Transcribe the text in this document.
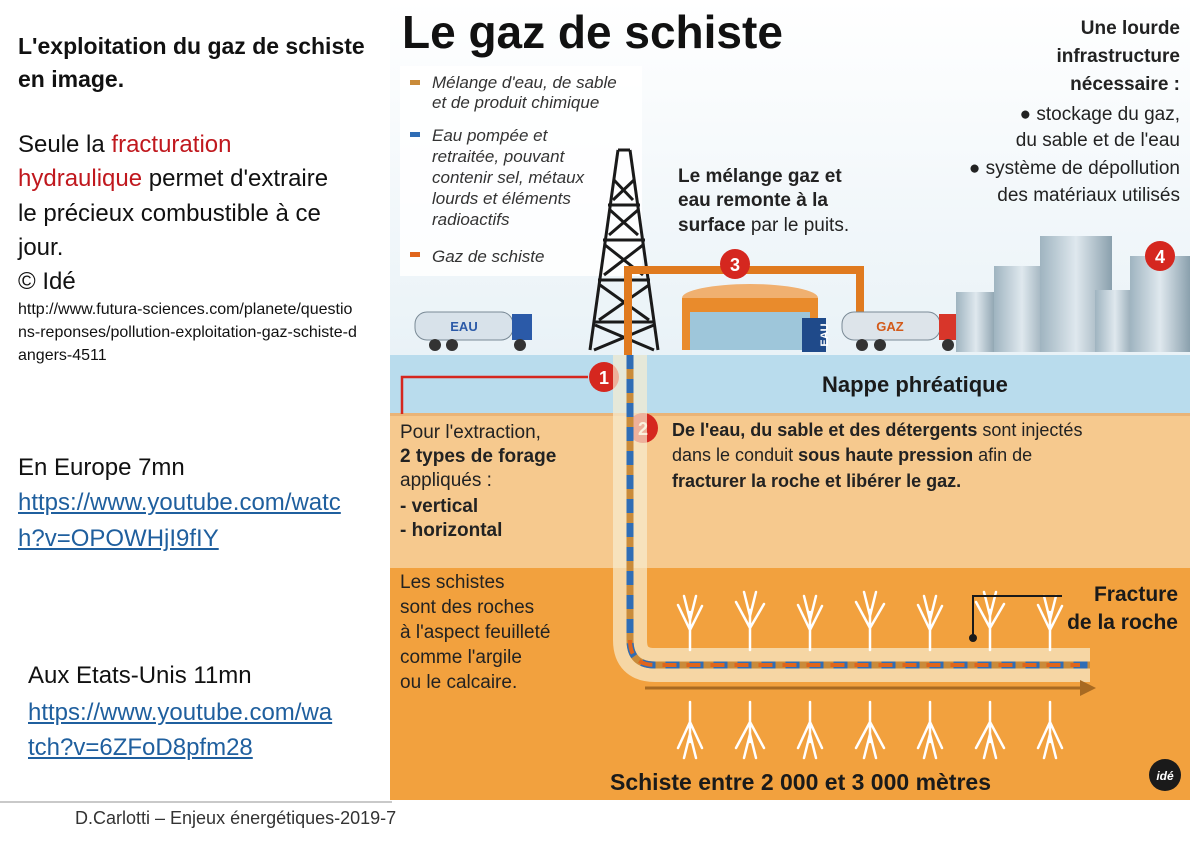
L'exploitation du gaz de schiste en image.
Seule la fracturation hydraulique permet d'extraire le précieux combustible à ce jour.
© Idé
http://www.futura-sciences.com/planete/questions-reponses/pollution-exploitation-gaz-schiste-dangers-4511
En Europe 7mn
https://www.youtube.com/watch?v=OPOWHjI9fIY
Aux Etats-Unis 11mn
https://www.youtube.com/watch?v=6ZFoD8pfm28
D.Carlotti – Enjeux énergétiques-2019-7
Le gaz de schiste
Mélange d'eau, de sable
et de produit chimique
Eau pompée et
retraitée, pouvant
contenir sel, métaux
lourds et éléments
radioactifs
Gaz de schiste
Une lourde
infrastructure
nécessaire :
● stockage du gaz,
du sable et de l'eau
● système de dépollution
des matériaux utilisés
Le mélange gaz et
eau remonte à la
surface par le puits.
EAU
EAU	GAZ
1
2
3	4
Nappe phréatique
Pour l'extraction,
2 types de forage
appliqués :
- vertical
- horizontal
De l'eau, du sable et des détergents sont injectés
dans le conduit sous haute pression afin de
fracturer la roche et libérer le gaz.
Les schistes
sont des roches
à l'aspect feuilleté
comme l'argile
ou le calcaire.
Fracture
de la roche
Schiste entre 2 000 et 3 000 mètres	idé
